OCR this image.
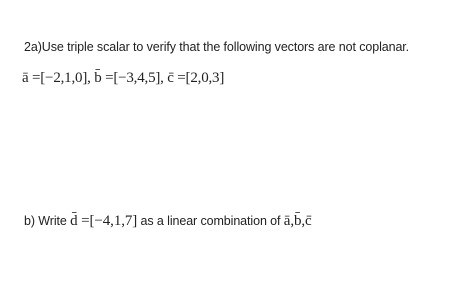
2a)Use triple scalar to verify that the following vectors are not coplanar.
ā =[−2,1,0], b̄ =[−3,4,5], c̄ =[2,0,3]
b) Write d̄ =[−4,1,7] as a linear combination of ā,b̄,c̄
